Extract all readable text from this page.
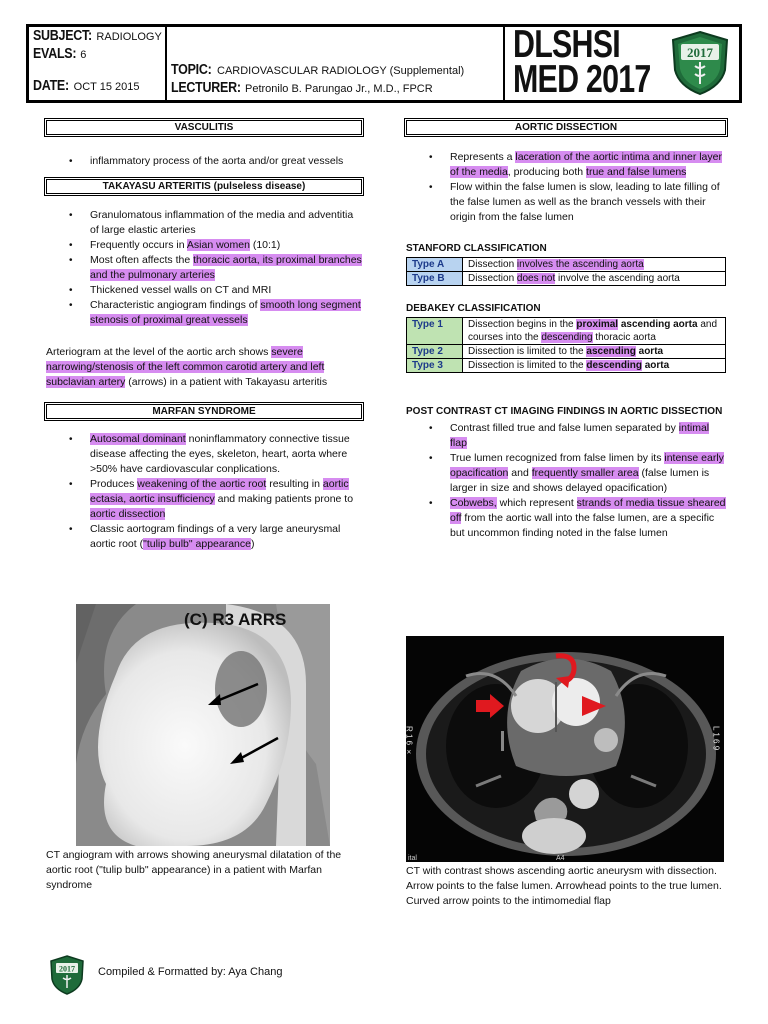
SUBJECT: RADIOLOGY
EVALS: 6
DATE: OCT 15 2015
TOPIC: CARDIOVASCULAR RADIOLOGY (Supplemental)
LECTURER: Petronilo B. Parungao Jr., M.D., FPCR
DLSHSI
MED 2017
2017
VASCULITIS
• inflammatory process of the aorta and/or great vessels
TAKAYASU ARTERITIS (pulseless disease)
• Granulomatous inflammation of the media and adventitia of large elastic arteries
• Frequently occurs in Asian women (10:1)
• Most often affects the thoracic aorta, its proximal branches and the pulmonary arteries
• Thickened vessel walls on CT and MRI
• Characteristic angiogram findings of smooth long segment stenosis of proximal great vessels

Arteriogram at the level of the aortic arch shows severe narrowing/stenosis of the left common carotid artery and left subclavian artery (arrows) in a patient with Takayasu arteritis

MARFAN SYNDROME
• Autosomal dominant noninflammatory connective tissue disease affecting the eyes, skeleton, heart, aorta where >50% have cardiovascular conplications.
• Produces weakening of the aortic root resulting in aortic ectasia, aortic insufficiency and making patients prone to aortic dissection
• Classic aortogram findings of a very large aneurysmal aortic root ("tulip bulb" appearance)
(C) R3 ARRS
CT angiogram with arrows showing aneurysmal dilatation of the aortic root ("tulip bulb" appearance) in a patient with Marfan syndrome
AORTIC DISSECTION
• Represents a laceration of the aortic intima and inner layer of the media, producing both true and false lumens
• Flow within the false lumen is slow, leading to late filling of the false lumen as well as the branch vessels with their origin from the false lumen
STANFORD CLASSIFICATION
Type A	Dissection involves the ascending aorta
Type B	Dissection does not involve the ascending aorta
DEBAKEY CLASSIFICATION
Type 1	Dissection begins in the proximal ascending aorta and courses into the descending thoracic aorta
Type 2	Dissection is limited to the ascending aorta
Type 3	Dissection is limited to the descending aorta
POST CONTRAST CT IMAGING FINDINGS IN AORTIC DISSECTION
• Contrast filled true and false lumen separated by intimal flap
• True lumen recognized from false limen by its intense early opacification and frequently smaller area (false lumen is larger in size and shows delayed opacification)
• Cobwebs, which represent strands of media tissue sheared off from the aortic wall into the false lumen, are a specific but uncommon finding noted in the false lumen
R 1 6 ×	L 1 6 9
ital	A4
CT with contrast shows ascending aortic aneurysm with dissection. Arrow points to the false lumen. Arrowhead points to the true lumen. Curved arrow points to the intimomedial flap
2017 Compiled & Formatted by: Aya Chang
